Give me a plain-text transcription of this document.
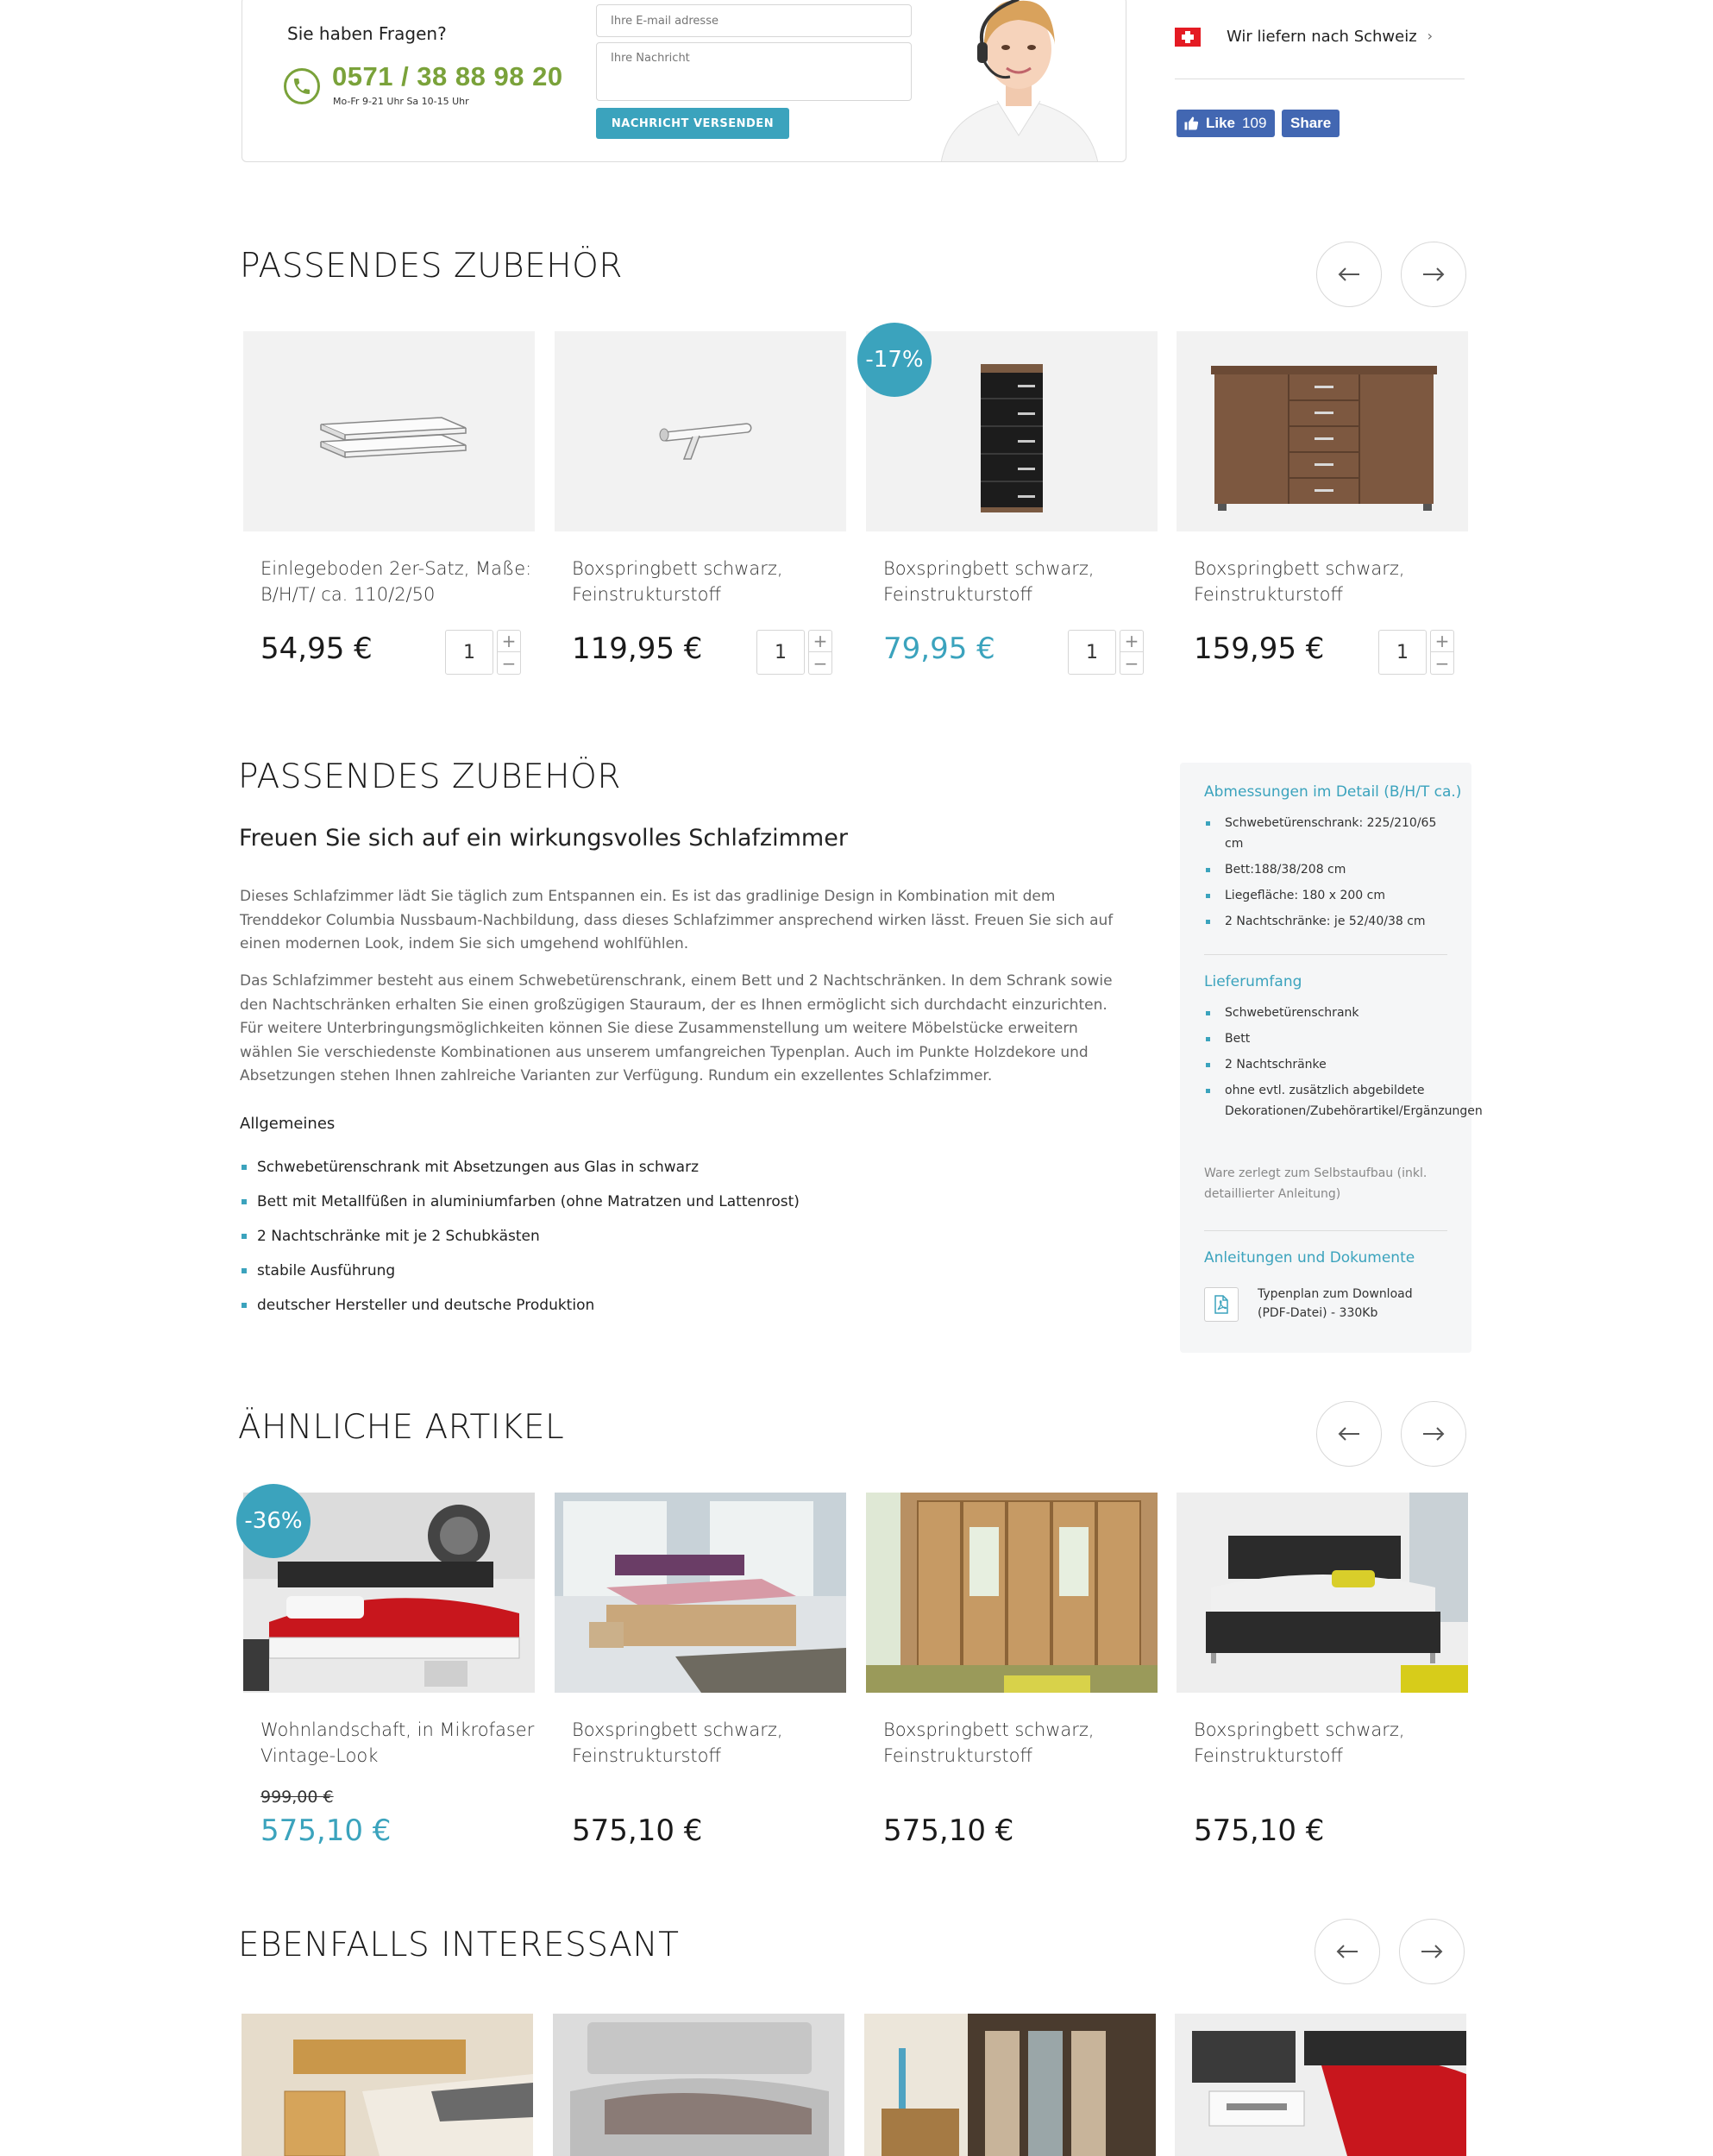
Sie haben Fragen?
0571 / 38 88 98 20
Mo-Fr 9-21 Uhr Sa 10-15 Uhr
Ihre E-mail adresse
Ihre Nachricht
NACHRICHT VERSENDEN
Wir liefern nach Schweiz ›
Like 109	Share
PASSENDES ZUBEHÖR
Einlegeboden 2er-Satz, Maße: B/H/T/ ca. 110/2/50
54,95 €
1	+
−
Boxspringbett schwarz, Feinstrukturstoff
119,95 €
1	+
−
-17%
Boxspringbett schwarz, Feinstrukturstoff
79,95 €
1	+
−
Boxspringbett schwarz, Feinstrukturstoff
159,95 €
1	+
−
PASSENDES ZUBEHÖR
Freuen Sie sich auf ein wirkungsvolles Schlafzimmer
Dieses Schlafzimmer lädt Sie täglich zum Entspannen ein. Es ist das gradlinige Design in Kombination mit dem Trenddekor Columbia Nussbaum-Nachbildung, dass dieses Schlafzimmer ansprechend wirken lässt. Freuen Sie sich auf einen modernen Look, indem Sie sich umgehend wohlfühlen.
Das Schlafzimmer besteht aus einem Schwebetürenschrank, einem Bett und 2 Nachtschränken. In dem Schrank sowie den Nachtschränken erhalten Sie einen großzügigen Stauraum, der es Ihnen ermöglicht sich durchdacht einzurichten. Für weitere Unterbringungsmöglichkeiten können Sie diese Zusammenstellung um weitere Möbelstücke erweitern wählen Sie verschiedenste Kombinationen aus unserem umfangreichen Typenplan. Auch im Punkte Holzdekore und Absetzungen stehen Ihnen zahlreiche Varianten zur Verfügung. Rundum ein exzellentes Schlafzimmer.
Allgemeines
Schwebetürenschrank mit Absetzungen aus Glas in schwarz
Bett mit Metallfüßen in aluminiumfarben (ohne Matratzen und Lattenrost)
2 Nachtschränke mit je 2 Schubkästen
stabile Ausführung
deutscher Hersteller und deutsche Produktion
Abmessungen im Detail (B/H/T ca.)
Schwebetürenschrank: 225/210/65 cm
Bett:188/38/208 cm
Liegefläche: 180 x 200 cm
2 Nachtschränke: je 52/40/38 cm
Lieferumfang
Schwebetürenschrank
Bett
2 Nachtschränke
ohne evtl. zusätzlich abgebildete Dekorationen/Zubehörartikel/Ergänzungen
Ware zerlegt zum Selbstaufbau (inkl. detaillierter Anleitung)
Anleitungen und Dokumente
Typenplan zum Download (PDF-Datei) - 330Kb
ÄHNLICHE ARTIKEL
-36%
Wohnlandschaft, in Mikrofaser Vintage-Look
999,00 €
575,10 €
Boxspringbett schwarz, Feinstrukturstoff
575,10 €
Boxspringbett schwarz, Feinstrukturstoff
575,10 €
Boxspringbett schwarz, Feinstrukturstoff
575,10 €
EBENFALLS INTERESSANT
